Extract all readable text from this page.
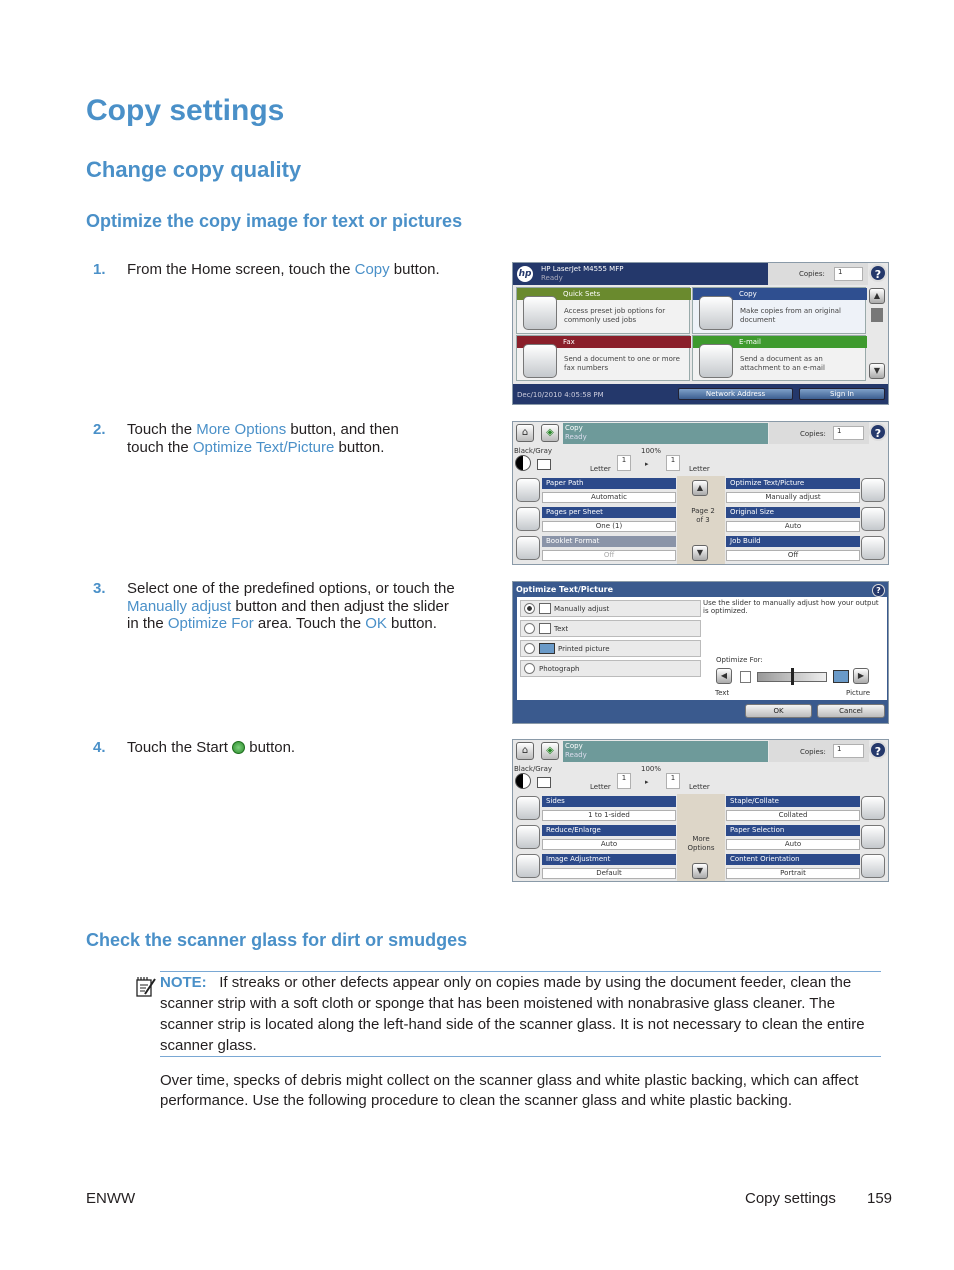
Copy settings
Change copy quality
Optimize the copy image for text or pictures
1. From the Home screen, touch the Copy button.
2. Touch the More Options button, and then touch the Optimize Text/Picture button.
3. Select one of the predefined options, or touch the Manually adjust button and then adjust the slider in the Optimize For area. Touch the OK button.
4. Touch the Start  button.
hp HP LaserJet M4555 MFP
Ready	Copies:	1	?
Quick Sets
Access preset job options for commonly used jobs
Copy
Make copies from an original document
Fax
Send a document to one or more fax numbers
E-mail
Send a document as an attachment to an e-mail
▲
▼
Dec/10/2010 4:05:58 PM	Network Address	Sign In
⌂	◈	Copy
Ready	Copies:	1	?
Black/Gray	100%
Letter
1	▸	1
Letter
Paper Path
Automatic
Pages per Sheet
One (1)
Booklet Format
Off
▲
Page 2
of 3
▼
Optimize Text/Picture
Manually adjust
Original Size
Auto
Job Build
Off
Optimize Text/Picture	?
Manually adjust
Text
Printed picture
Photograph
Use the slider to manually adjust how your output is optimized.
Optimize For:
◀	▶
Text	Picture
OK	Cancel
⌂	◈	Copy
Ready	Copies:	1	?
Black/Gray	100%
Letter
1	▸	1
Letter
Sides
1 to 1-sided
Reduce/Enlarge
Auto
Image Adjustment
Default
More Options
▼
Staple/Collate
Collated
Paper Selection
Auto
Content Orientation
Portrait
Check the scanner glass for dirt or smudges
NOTE: If streaks or other defects appear only on copies made by using the document feeder, clean the scanner strip with a soft cloth or sponge that has been moistened with nonabrasive glass cleaner. The scanner strip is located along the left-hand side of the scanner glass. It is not necessary to clean the entire scanner glass.
Over time, specks of debris might collect on the scanner glass and white plastic backing, which can affect performance. Use the following procedure to clean the scanner glass and white plastic backing.
ENWW	Copy settings 159
